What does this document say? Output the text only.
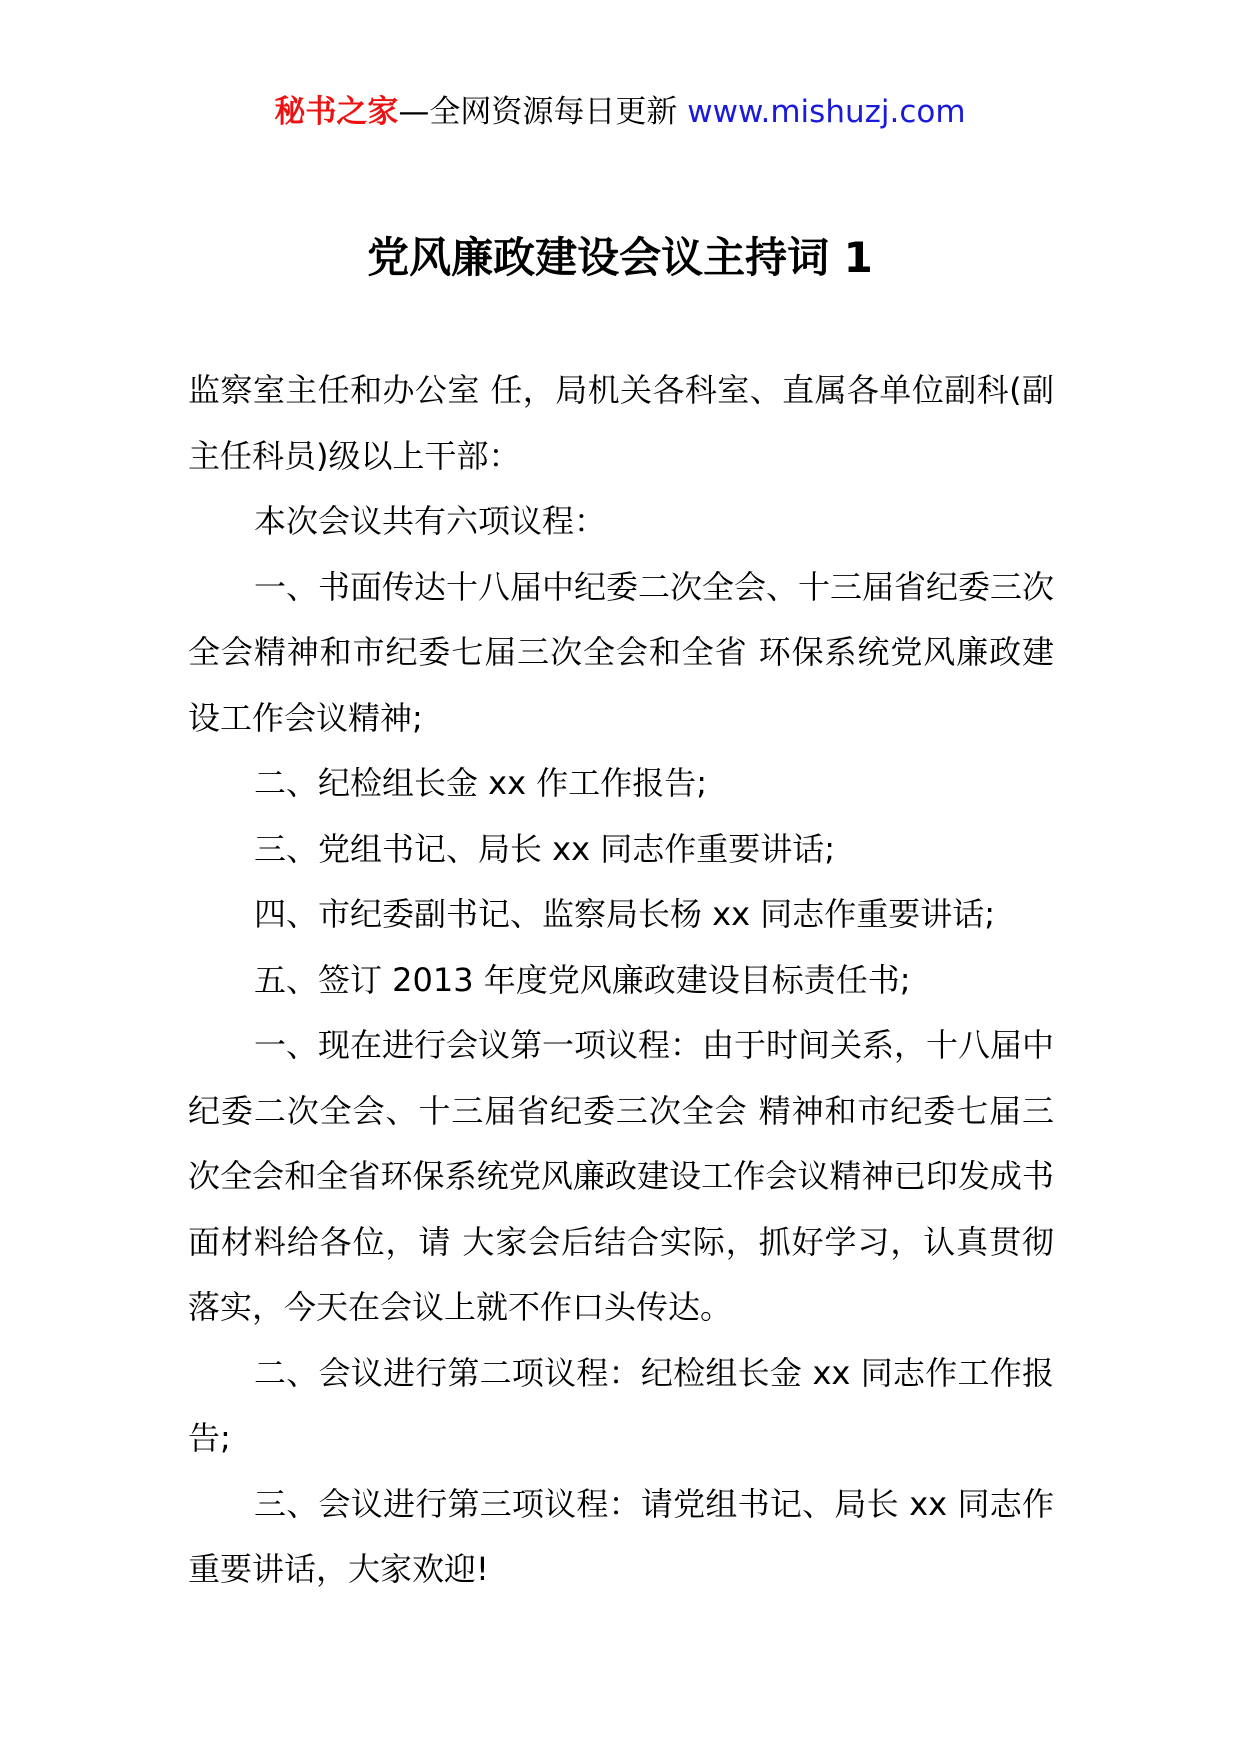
秘书之家—全网资源每日更新 www.mishuzj.com
党风廉政建设会议主持词 1

监察室主任和办公室 任，局机关各科室、直属各单位副科(副主任科员)级以上干部：

本次会议共有六项议程：

一、书面传达十八届中纪委二次全会、十三届省纪委三次全会精神和市纪委七届三次全会和全省 环保系统党风廉政建设工作会议精神;

二、纪检组长金 xx 作工作报告;

三、党组书记、局长 xx 同志作重要讲话;

四、市纪委副书记、监察局长杨 xx 同志作重要讲话;

五、签订 2013 年度党风廉政建设目标责任书;

一、现在进行会议第一项议程：由于时间关系，十八届中纪委二次全会、十三届省纪委三次全会 精神和市纪委七届三次全会和全省环保系统党风廉政建设工作会议精神已印发成书面材料给各位，请 大家会后结合实际，抓好学习，认真贯彻落实，今天在会议上就不作口头传达。

二、会议进行第二项议程：纪检组长金 xx 同志作工作报告;

三、会议进行第三项议程：请党组书记、局长 xx 同志作重要讲话，大家欢迎!
